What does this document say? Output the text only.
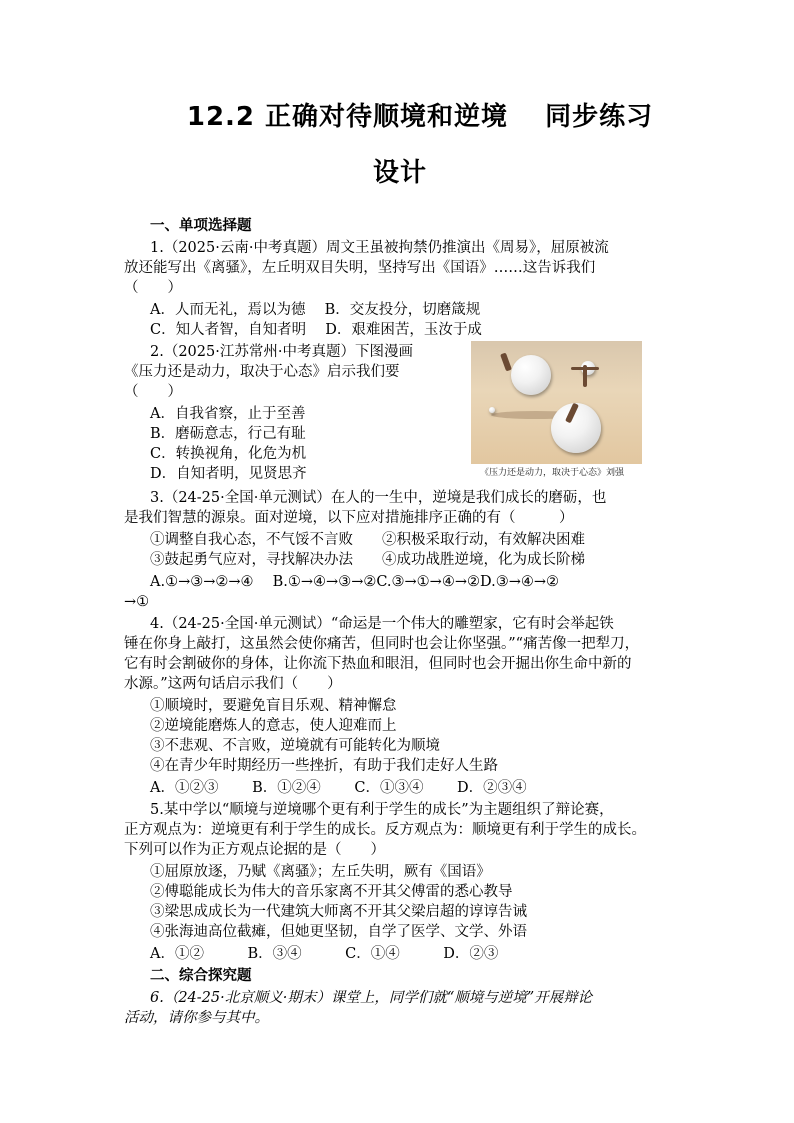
12.2 正确对待顺境和逆境　 同步练习
设计
一、单项选择题
1.（2025·云南·中考真题）周文王虽被拘禁仍推演出《周易》，屈原被流
放还能写出《离骚》，左丘明双目失明，坚持写出《国语》……这告诉我们
（　　）
A．人而无礼，焉以为德　 B．交友投分，切磨箴规
C．知人者智，自知者明　 D．艰难困苦，玉汝于成
2.（2025·江苏常州·中考真题）下图漫画
《压力还是动力，取决于心态》启示我们要
（　　）
A．自我省察，止于至善
B．磨砺意志，行己有耻
C．转换视角，化危为机
D．自知者明，见贤思齐	《压力还是动力，取决于心态》刘强
3.（24-25·全国·单元测试）在人的一生中，逆境是我们成长的磨砺，也
是我们智慧的源泉。面对逆境，以下应对措施排序正确的有（　　　）
①调整自我心态，不气馁不言败　　②积极采取行动，有效解决困难
③鼓起勇气应对，寻找解决办法　　④成功战胜逆境，化为成长阶梯
A.①→③→②→④　 B.①→④→③→②C.③→①→④→②D.③→④→②
→①
4.（24-25·全国·单元测试）“命运是一个伟大的雕塑家，它有时会举起铁
锤在你身上敲打，这虽然会使你痛苦，但同时也会让你坚强。”“痛苦像一把犁刀，
它有时会割破你的身体，让你流下热血和眼泪，但同时也会开掘出你生命中新的
水源。”这两句话启示我们（　　）
①顺境时，要避免盲目乐观、精神懈怠
②逆境能磨炼人的意志，使人迎难而上
③不悲观、不言败，逆境就有可能转化为顺境
④在青少年时期经历一些挫折，有助于我们走好人生路
A．①②③　　 B．①②④　　 C．①③④　　 D．②③④
5.某中学以“顺境与逆境哪个更有利于学生的成长”为主题组织了辩论赛，
正方观点为：逆境更有利于学生的成长。反方观点为：顺境更有利于学生的成长。
下列可以作为正方观点论据的是（　　）
①屈原放逐，乃赋《离骚》；左丘失明，厥有《国语》
②傅聪能成长为伟大的音乐家离不开其父傅雷的悉心教导
③梁思成成长为一代建筑大师离不开其父梁启超的谆谆告诫
④张海迪高位截瘫，但她更坚韧，自学了医学、文学、外语
A．①②　　　B．③④　　　C．①④　　　D．②③
二、综合探究题
6.（24-25·北京顺义·期末）课堂上，同学们就“顺境与逆境”开展辩论
活动，请你参与其中。
